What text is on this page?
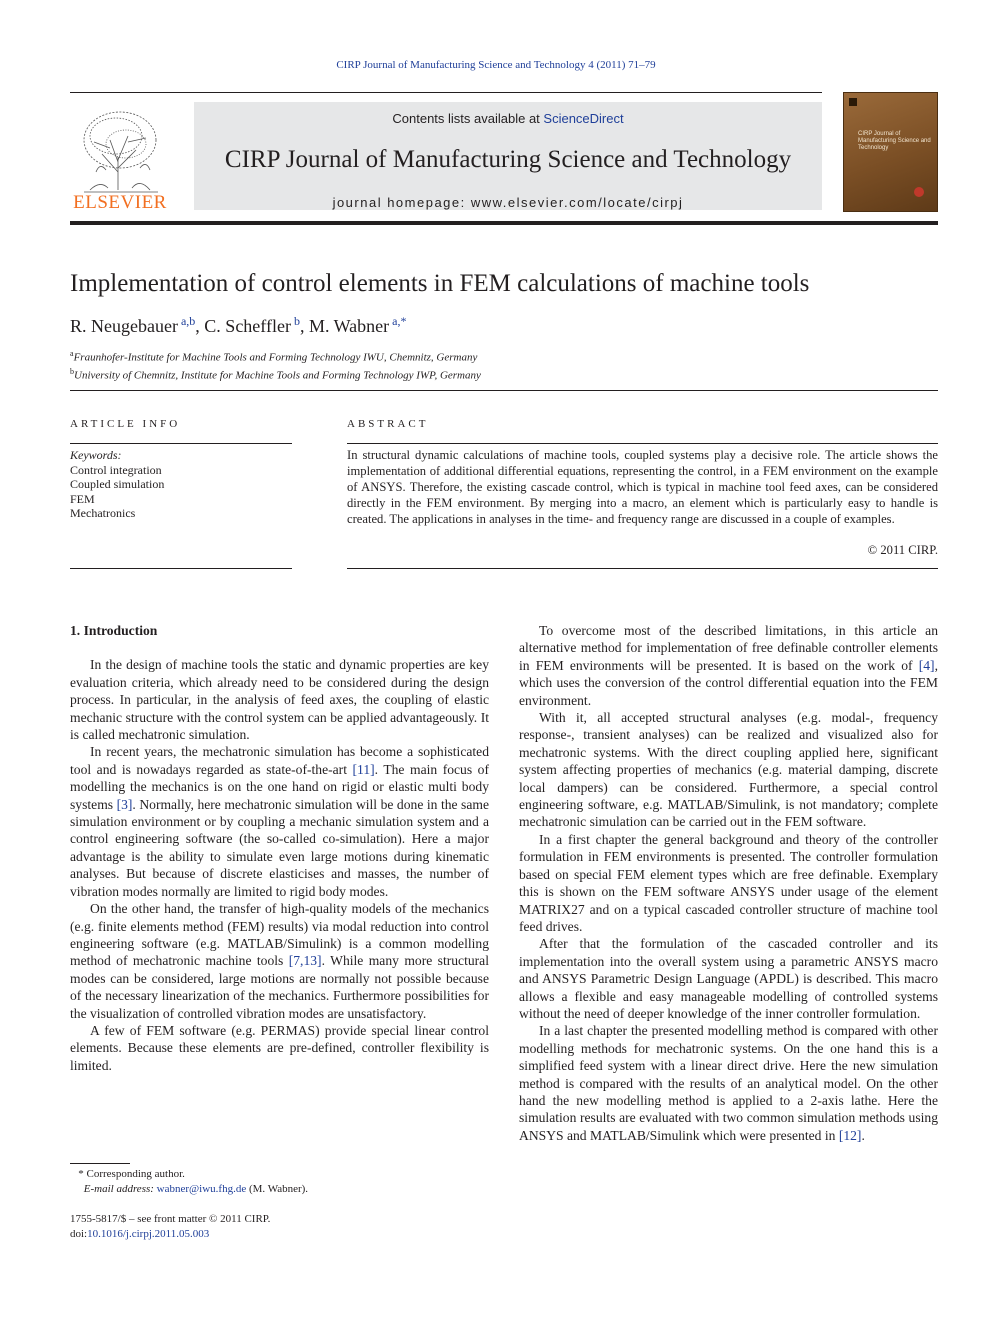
CIRP Journal of Manufacturing Science and Technology 4 (2011) 71–79
ELSEVIER
Contents lists available at ScienceDirect
CIRP Journal of Manufacturing Science and Technology
journal homepage: www.elsevier.com/locate/cirpj
CIRP Journal of Manufacturing Science and Technology
Implementation of control elements in FEM calculations of machine tools
R. Neugebauer $^{a,b}$, C. Scheffler $^b$, M. Wabner $^{a,*}$
$^a$Fraunhofer-Institute for Machine Tools and Forming Technology IWU, Chemnitz, Germany
$^b$University of Chemnitz, Institute for Machine Tools and Forming Technology IWP, Germany
ARTICLE INFO
Keywords:
Control integration
Coupled simulation
FEM
Mechatronics
ABSTRACT
In structural dynamic calculations of machine tools, coupled systems play a decisive role. The article shows the implementation of additional differential equations, representing the control, in a FEM environment on the example of ANSYS. Therefore, the existing cascade control, which is typical in machine tool feed axes, can be considered directly in the FEM environment. By merging into a macro, an element which is particularly easy to handle is created. The applications in analyses in the time- and frequency range are discussed in a couple of examples.
© 2011 CIRP.
1. Introduction

In the design of machine tools the static and dynamic properties are key evaluation criteria, which already need to be considered during the design process. In particular, in the analysis of feed axes, the coupling of elastic mechanic structure with the control system can be applied advantageously. It is called mechatronic simulation.

In recent years, the mechatronic simulation has become a sophisticated tool and is nowadays regarded as state-of-the-art [11]. The main focus of modelling the mechanics is on the one hand on rigid or elastic multi body systems [3]. Normally, here mechatronic simulation will be done in the same simulation environment or by coupling a mechanic simulation system and a control engineering software (the so-called co-simulation). Here a major advantage is the ability to simulate even large motions during kinematic analyses. But because of discrete elasticises and masses, the number of vibration modes normally are limited to rigid body modes.

On the other hand, the transfer of high-quality models of the mechanics (e.g. finite elements method (FEM) results) via modal reduction into control engineering software (e.g. MATLAB/Simulink) is a common modelling method of mechatronic machine tools [7,13]. While many more structural modes can be considered, large motions are normally not possible because of the necessary linearization of the mechanics. Furthermore possibilities for the visualization of controlled vibration modes are unsatisfactory.

A few of FEM software (e.g. PERMAS) provide special linear control elements. Because these elements are pre-defined, controller flexibility is limited.

To overcome most of the described limitations, in this article an alternative method for implementation of free definable controller elements in FEM environments will be presented. It is based on the work of [4], which uses the conversion of the control differential equation into the FEM environment.

With it, all accepted structural analyses (e.g. modal-, frequency response-, transient analyses) can be realized and visualized also for mechatronic systems. With the direct coupling applied here, significant system affecting properties of mechanics (e.g. material damping, discrete local dampers) can be considered. Furthermore, a special control engineering software, e.g. MATLAB/Simulink, is not mandatory; complete mechatronic simulation can be carried out in the FEM software.

In a first chapter the general background and theory of the controller formulation in FEM environments is presented. The controller formulation based on special FEM element types which are free definable. Exemplary this is shown on the FEM software ANSYS under usage of the element MATRIX27 and on a typical cascaded controller structure of machine tool feed drives.

After that the formulation of the cascaded controller and its implementation into the overall system using a parametric ANSYS macro and ANSYS Parametric Design Language (APDL) is described. This macro allows a flexible and easy manageable modelling of controlled systems without the need of deeper knowledge of the inner controller formulation.

In a last chapter the presented modelling method is compared with other modelling methods for mechatronic systems. On the one hand this is a simplified feed system with a linear direct drive. Here the new simulation method is compared with the results of an analytical model. On the other hand the new modelling method is applied to a 2-axis lathe. Here the simulation results are evaluated with two common simulation methods using ANSYS and MATLAB/Simulink which were presented in [12].

* Corresponding author.
E-mail address: wabner@iwu.fhg.de (M. Wabner).
1755-5817/$ – see front matter © 2011 CIRP.
doi:10.1016/j.cirpj.2011.05.003
